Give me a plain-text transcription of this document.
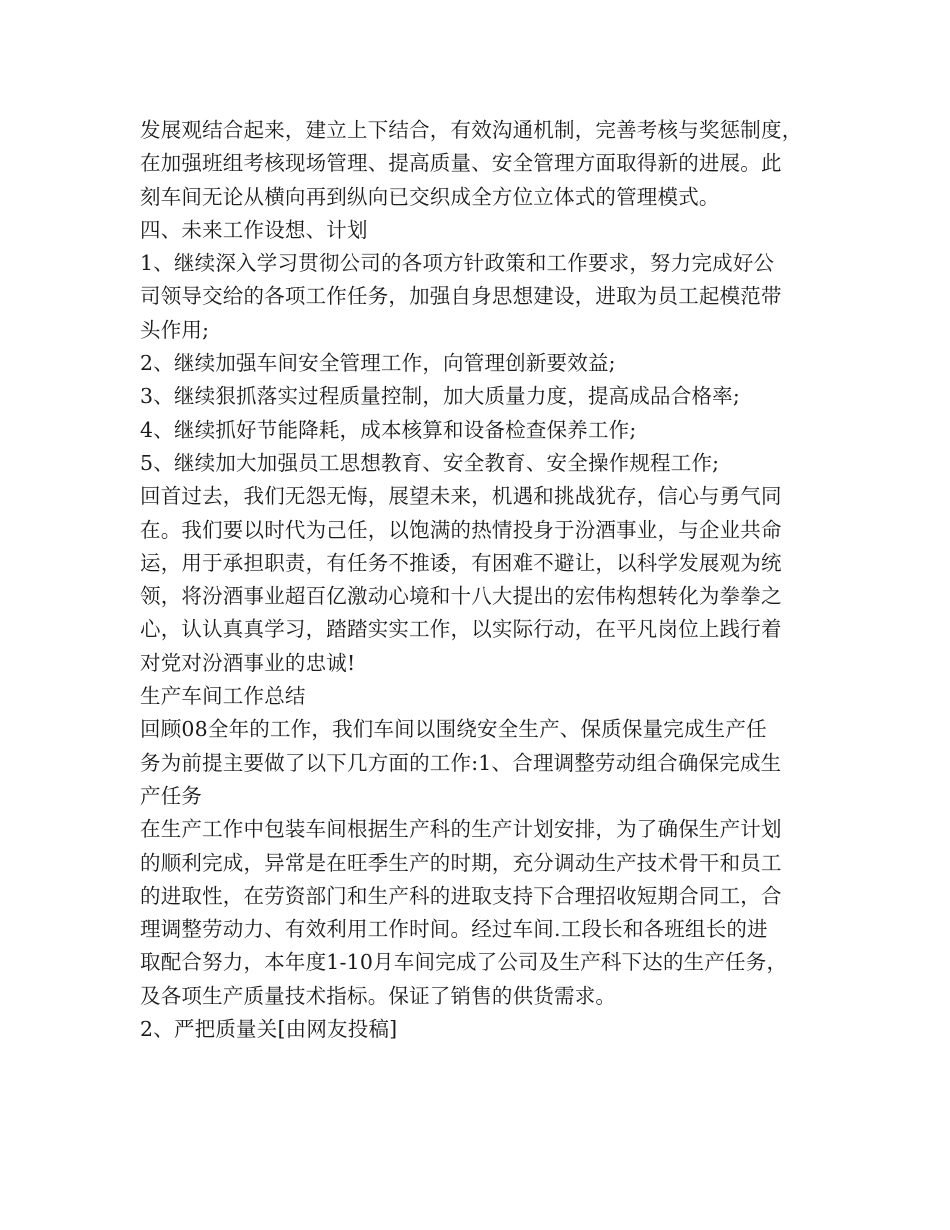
发展观结合起来，建立上下结合，有效沟通机制，完善考核与奖惩制度，
在加强班组考核现场管理、提高质量、安全管理方面取得新的进展。此
刻车间无论从横向再到纵向已交织成全方位立体式的管理模式。
四、未来工作设想、计划
1、继续深入学习贯彻公司的各项方针政策和工作要求，努力完成好公
司领导交给的各项工作任务，加强自身思想建设，进取为员工起模范带
头作用;
2、继续加强车间安全管理工作，向管理创新要效益;
3、继续狠抓落实过程质量控制，加大质量力度，提高成品合格率;
4、继续抓好节能降耗，成本核算和设备检查保养工作;
5、继续加大加强员工思想教育、安全教育、安全操作规程工作;
回首过去，我们无怨无悔，展望未来，机遇和挑战犹存，信心与勇气同
在。我们要以时代为己任，以饱满的热情投身于汾酒事业，与企业共命
运，用于承担职责，有任务不推诿，有困难不避让，以科学发展观为统
领，将汾酒事业超百亿激动心境和十八大提出的宏伟构想转化为拳拳之
心，认认真真学习，踏踏实实工作，以实际行动，在平凡岗位上践行着
对党对汾酒事业的忠诚!
生产车间工作总结
回顾08全年的工作，我们车间以围绕安全生产、保质保量完成生产任
务为前提主要做了以下几方面的工作:1、合理调整劳动组合确保完成生
产任务
在生产工作中包装车间根据生产科的生产计划安排，为了确保生产计划
的顺利完成，异常是在旺季生产的时期，充分调动生产技术骨干和员工
的进取性，在劳资部门和生产科的进取支持下合理招收短期合同工，合
理调整劳动力、有效利用工作时间。经过车间.工段长和各班组长的进
取配合努力，本年度1-10月车间完成了公司及生产科下达的生产任务，
及各项生产质量技术指标。保证了销售的供货需求。
2、严把质量关[由网友投稿]
